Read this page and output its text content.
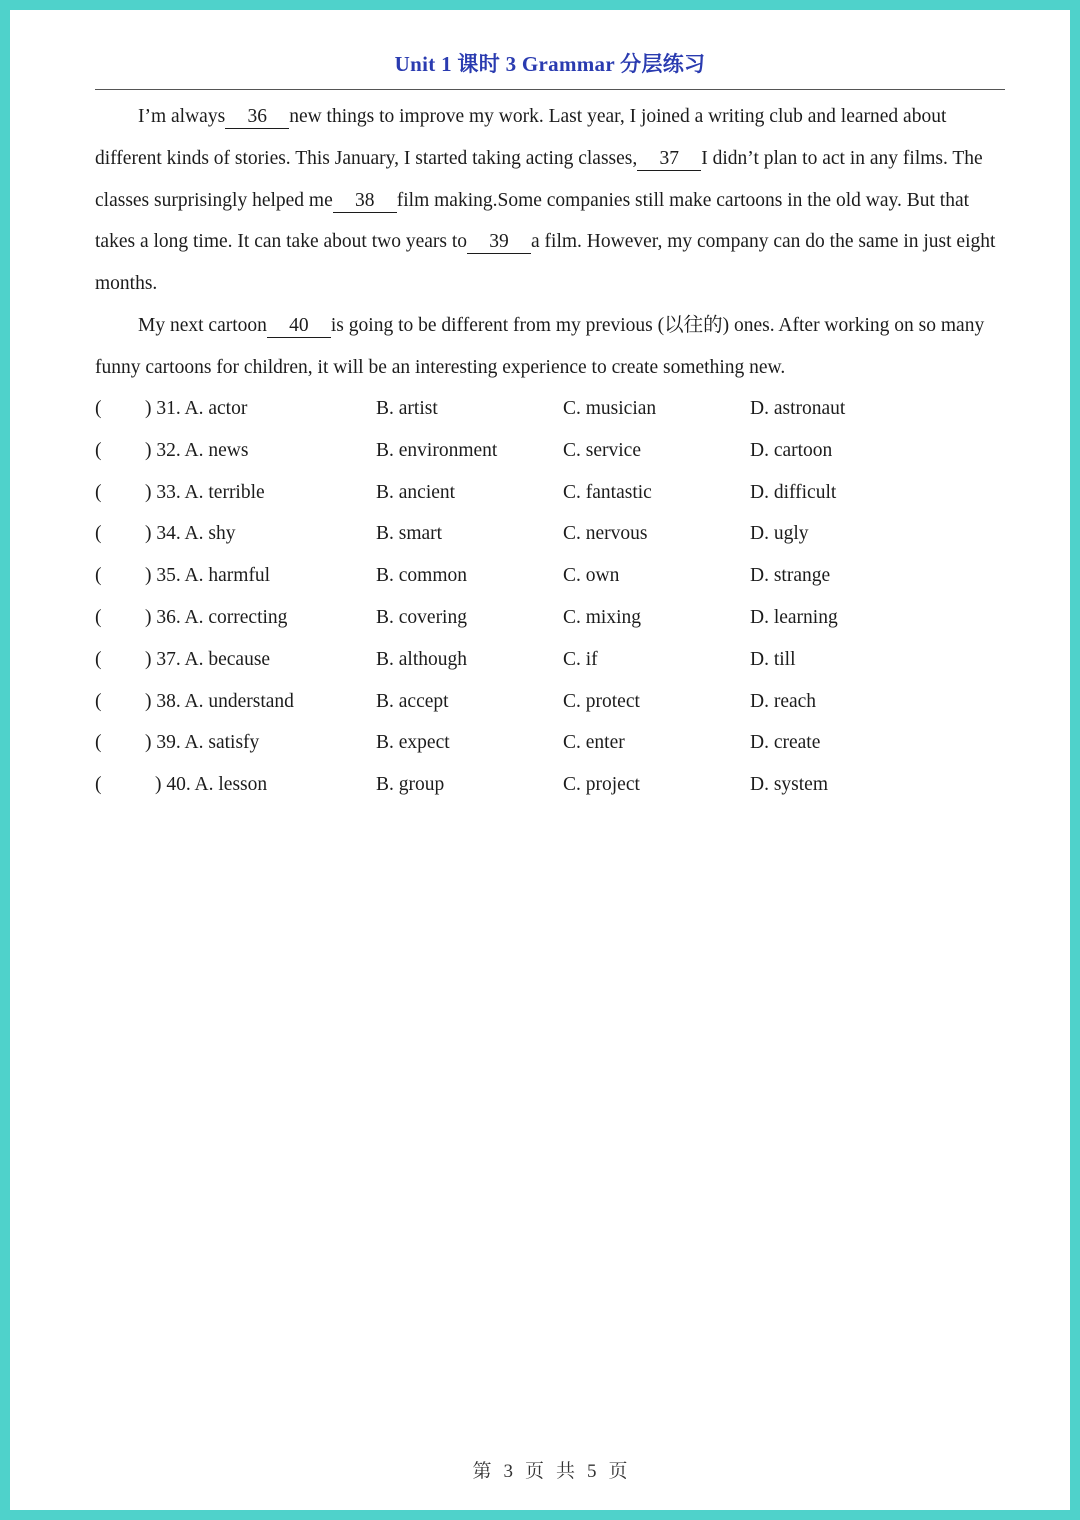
Unit 1 课时 3 Grammar 分层练习

I’m always 36 new things to improve my work. Last year, I joined a writing club and learned about different kinds of stories. This January, I started taking acting classes, 37 I didn’t plan to act in any films. The classes surprisingly helped me 38 film making.Some companies still make cartoons in the old way. But that takes a long time. It can take about two years to 39 a film. However, my company can do the same in just eight months.

My next cartoon 40 is going to be different from my previous (以往的) ones. After working on so many funny cartoons for children, it will be an interesting experience to create something new.

( ) 31. A. actor	B. artist	C. musician	D. astronaut
( ) 32. A. news	B. environment	C. service	D. cartoon
( ) 33. A. terrible	B. ancient	C. fantastic	D. difficult
( ) 34. A. shy	B. smart	C. nervous	D. ugly
( ) 35. A. harmful	B. common	C. own	D. strange
( ) 36. A. correcting	B. covering	C. mixing	D. learning
( ) 37. A. because	B. although	C. if	D. till
( ) 38. A. understand	B. accept	C. protect	D. reach
( ) 39. A. satisfy	B. expect	C. enter	D. create
(	) 40. A. lesson	B. group	C. project	D. system
第 3 页 共 5 页
